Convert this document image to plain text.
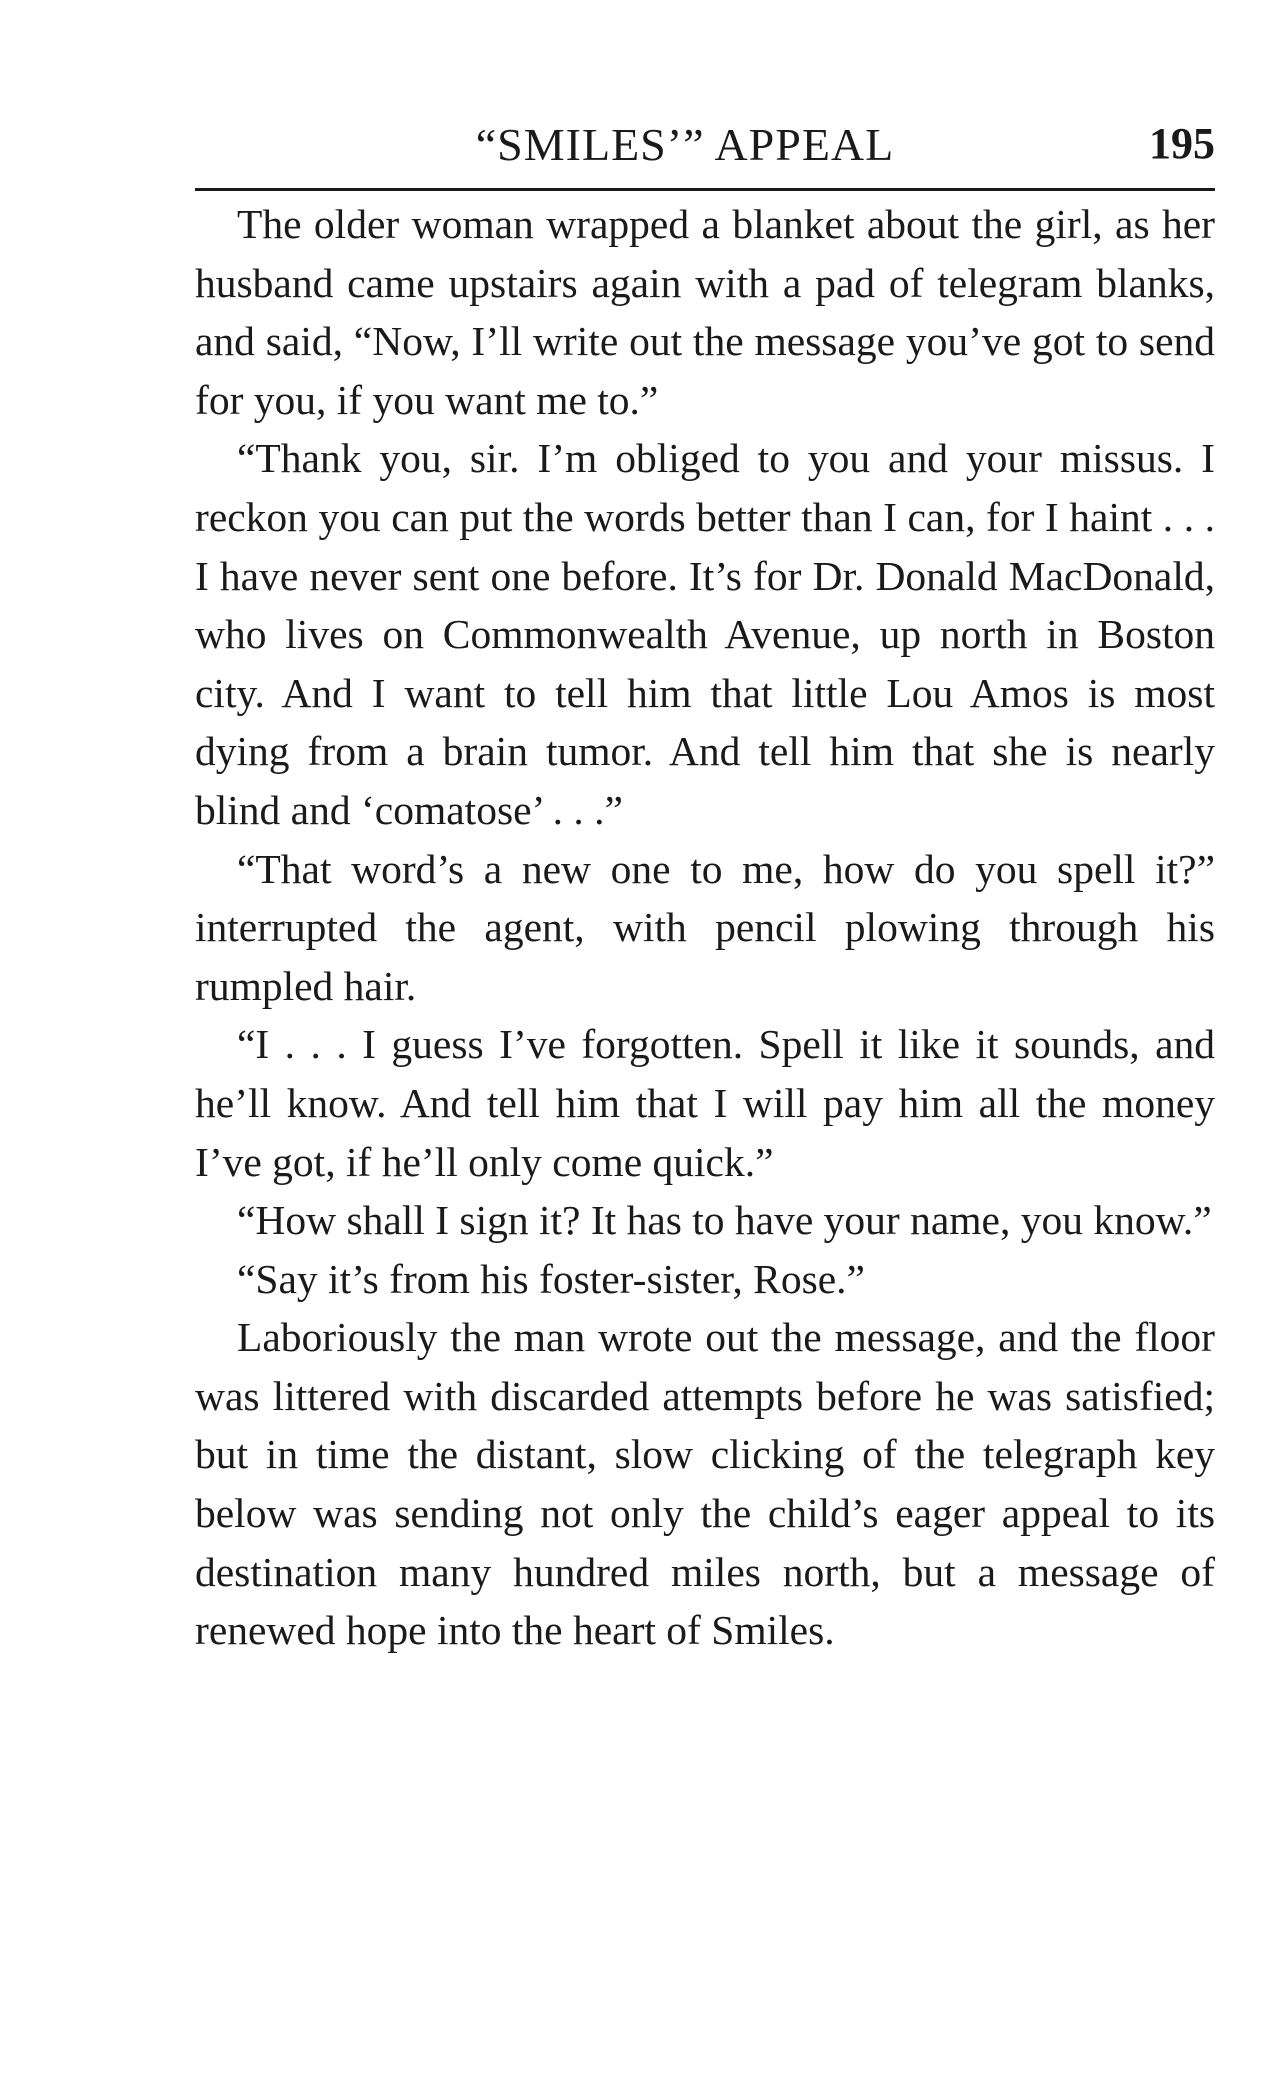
“SMILES’” APPEAL	195

The older woman wrapped a blanket about the girl, as her husband came upstairs again with a pad of telegram blanks, and said, “Now, I’ll write out the message you’ve got to send for you, if you want me to.”

“Thank you, sir. I’m obliged to you and your missus. I reckon you can put the words better than I can, for I haint . . . I have never sent one before. It’s for Dr. Donald MacDonald, who lives on Commonwealth Avenue, up north in Boston city. And I want to tell him that little Lou Amos is most dying from a brain tumor. And tell him that she is nearly blind and ‘comatose’ . . .”

“That word’s a new one to me, how do you spell it?” interrupted the agent, with pencil plowing through his rumpled hair.

“I . . . I guess I’ve forgotten. Spell it like it sounds, and he’ll know. And tell him that I will pay him all the money I’ve got, if he’ll only come quick.”

“How shall I sign it? It has to have your name, you know.”

“Say it’s from his foster-sister, Rose.”

Laboriously the man wrote out the message, and the floor was littered with discarded attempts before he was satisfied; but in time the distant, slow clicking of the telegraph key below was sending not only the child’s eager appeal to its destination many hundred miles north, but a message of renewed hope into the heart of Smiles.
